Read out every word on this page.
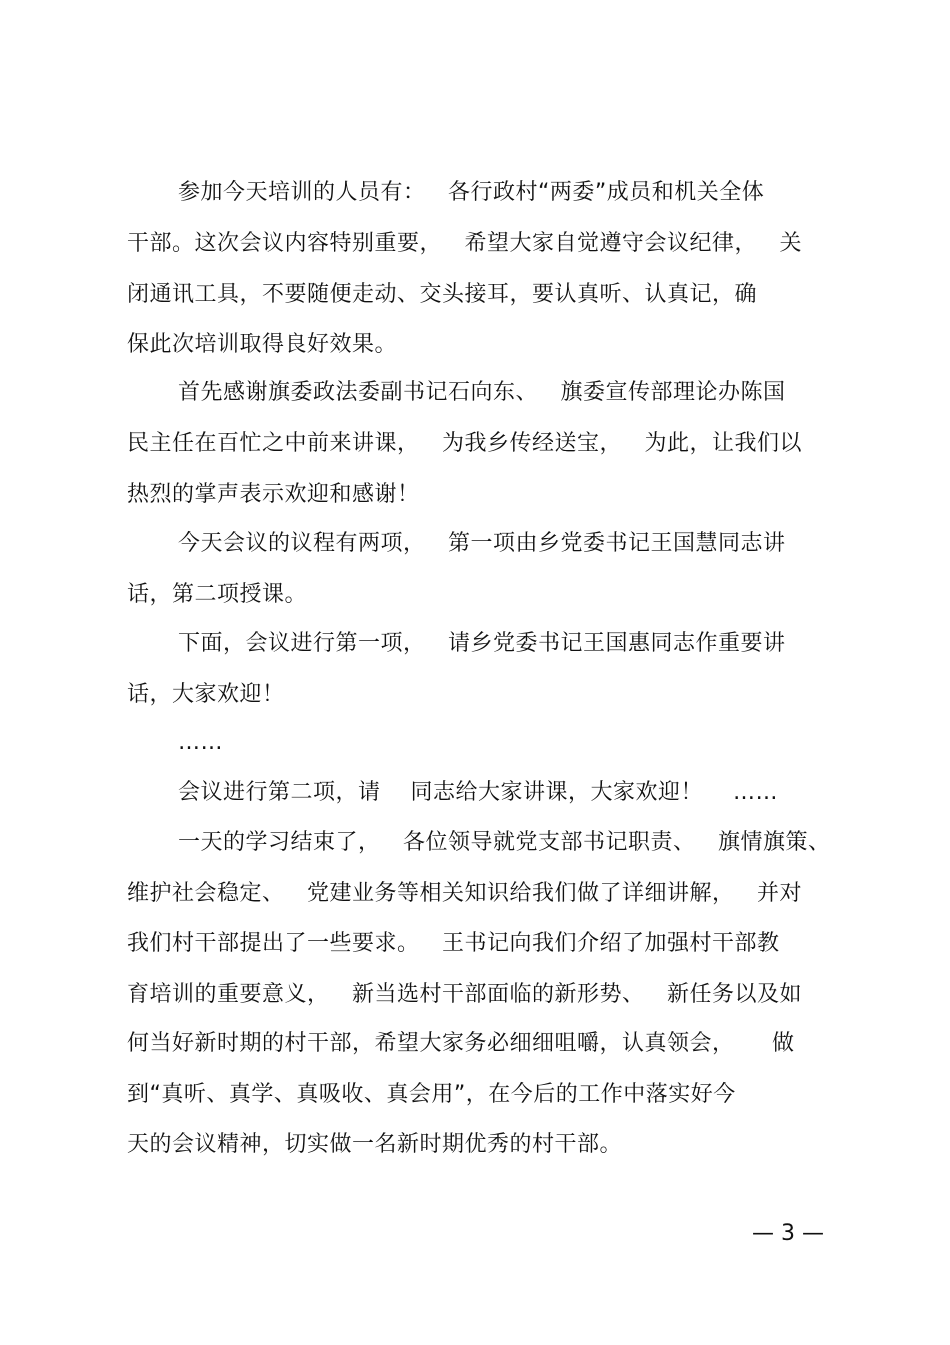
参加今天培训的人员有：   各行政村“两委”成员和机关全体
干部。这次会议内容特别重要，   希望大家自觉遵守会议纪律，   关
闭通讯工具，不要随便走动、交头接耳，要认真听、认真记，确
保此次培训取得良好效果。
首先感谢旗委政法委副书记石向东、   旗委宣传部理论办陈国
民主任在百忙之中前来讲课，   为我乡传经送宝，   为此，让我们以
热烈的掌声表示欢迎和感谢！
今天会议的议程有两项，   第一项由乡党委书记王国慧同志讲
话，第二项授课。
下面，会议进行第一项，   请乡党委书记王国惠同志作重要讲
话，大家欢迎！
……
会议进行第二项，请    同志给大家讲课，大家欢迎！    ……
一天的学习结束了，   各位领导就党支部书记职责、   旗情旗策、
维护社会稳定、   党建业务等相关知识给我们做了详细讲解，   并对
我们村干部提出了一些要求。   王书记向我们介绍了加强村干部教
育培训的重要意义，   新当选村干部面临的新形势、   新任务以及如
何当好新时期的村干部，希望大家务必细细咀嚼，认真领会，     做
到“真听、真学、真吸收、真会用”，在今后的工作中落实好今
天的会议精神，切实做一名新时期优秀的村干部。
— 3 —
